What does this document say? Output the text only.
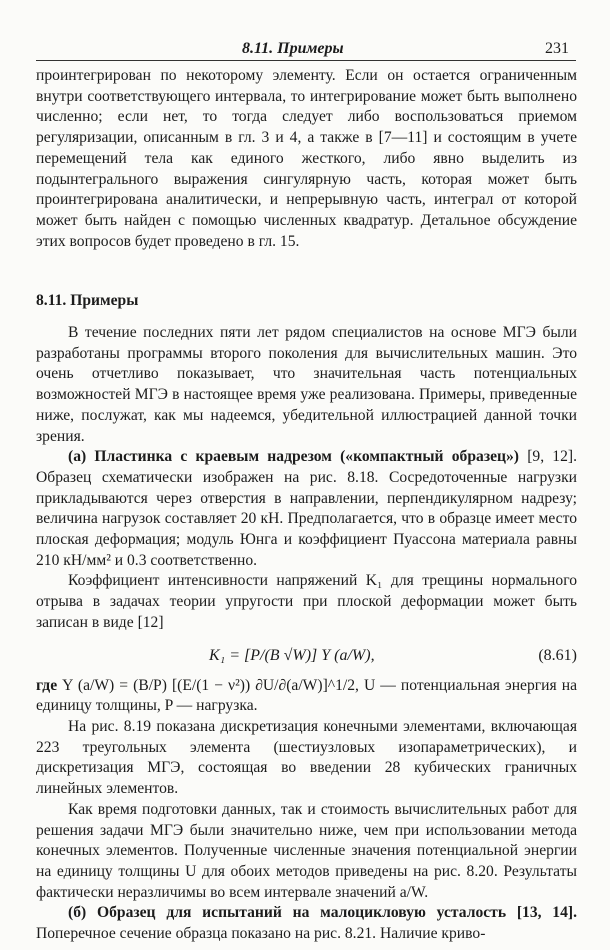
8.11. Примеры	231

проинтегрирован по некоторому элементу. Если он остается ограниченным внутри соответствующего интервала, то интегрирование может быть выполнено численно; если нет, то тогда следует либо воспользоваться приемом регуляризации, описанным в гл. 3 и 4, а также в [7—11] и состоящим в учете перемещений тела как единого жесткого, либо явно выделить из подынтегрального выражения сингулярную часть, которая может быть проинтегрирована аналитически, и непрерывную часть, интеграл от которой может быть найден с помощью численных квадратур. Детальное обсуждение этих вопросов будет проведено в гл. 15.

8.11. Примеры

В течение последних пяти лет рядом специалистов на основе МГЭ были разработаны программы второго поколения для вычислительных машин. Это очень отчетливо показывает, что значительная часть потенциальных возможностей МГЭ в настоящее время уже реализована. Примеры, приведенные ниже, послужат, как мы надеемся, убедительной иллюстрацией данной точки зрения.

(а) Пластинка с краевым надрезом («компактный образец») [9, 12]. Образец схематически изображен на рис. 8.18. Сосредоточенные нагрузки прикладываются через отверстия в направлении, перпендикулярном надрезу; величина нагрузок составляет 20 кН. Предполагается, что в образце имеет место плоская деформация; модуль Юнга и коэффициент Пуассона материала равны 210 кН/мм² и 0.3 соответственно.

Коэффициент интенсивности напряжений K₁ для трещины нормального отрыва в задачах теории упругости при плоской деформации может быть записан в виде [12]

K₁ = [P/(B √W)] Y (a/W),	(8.61)

где Y (a/W) = (B/P) [(E/(1 − ν²)) ∂U/∂(a/W)]^1/2, U — потенциальная энергия на единицу толщины, P — нагрузка.

На рис. 8.19 показана дискретизация конечными элементами, включающая 223 треугольных элемента (шестиузловых изопараметрических), и дискретизация МГЭ, состоящая во введении 28 кубических граничных линейных элементов.

Как время подготовки данных, так и стоимость вычислительных работ для решения задачи МГЭ были значительно ниже, чем при использовании метода конечных элементов. Полученные численные значения потенциальной энергии на единицу толщины U для обоих методов приведены на рис. 8.20. Результаты фактически неразличимы во всем интервале значений a/W.

(б) Образец для испытаний на малоцикловую усталость [13, 14]. Поперечное сечение образца показано на рис. 8.21. Наличие криво-
